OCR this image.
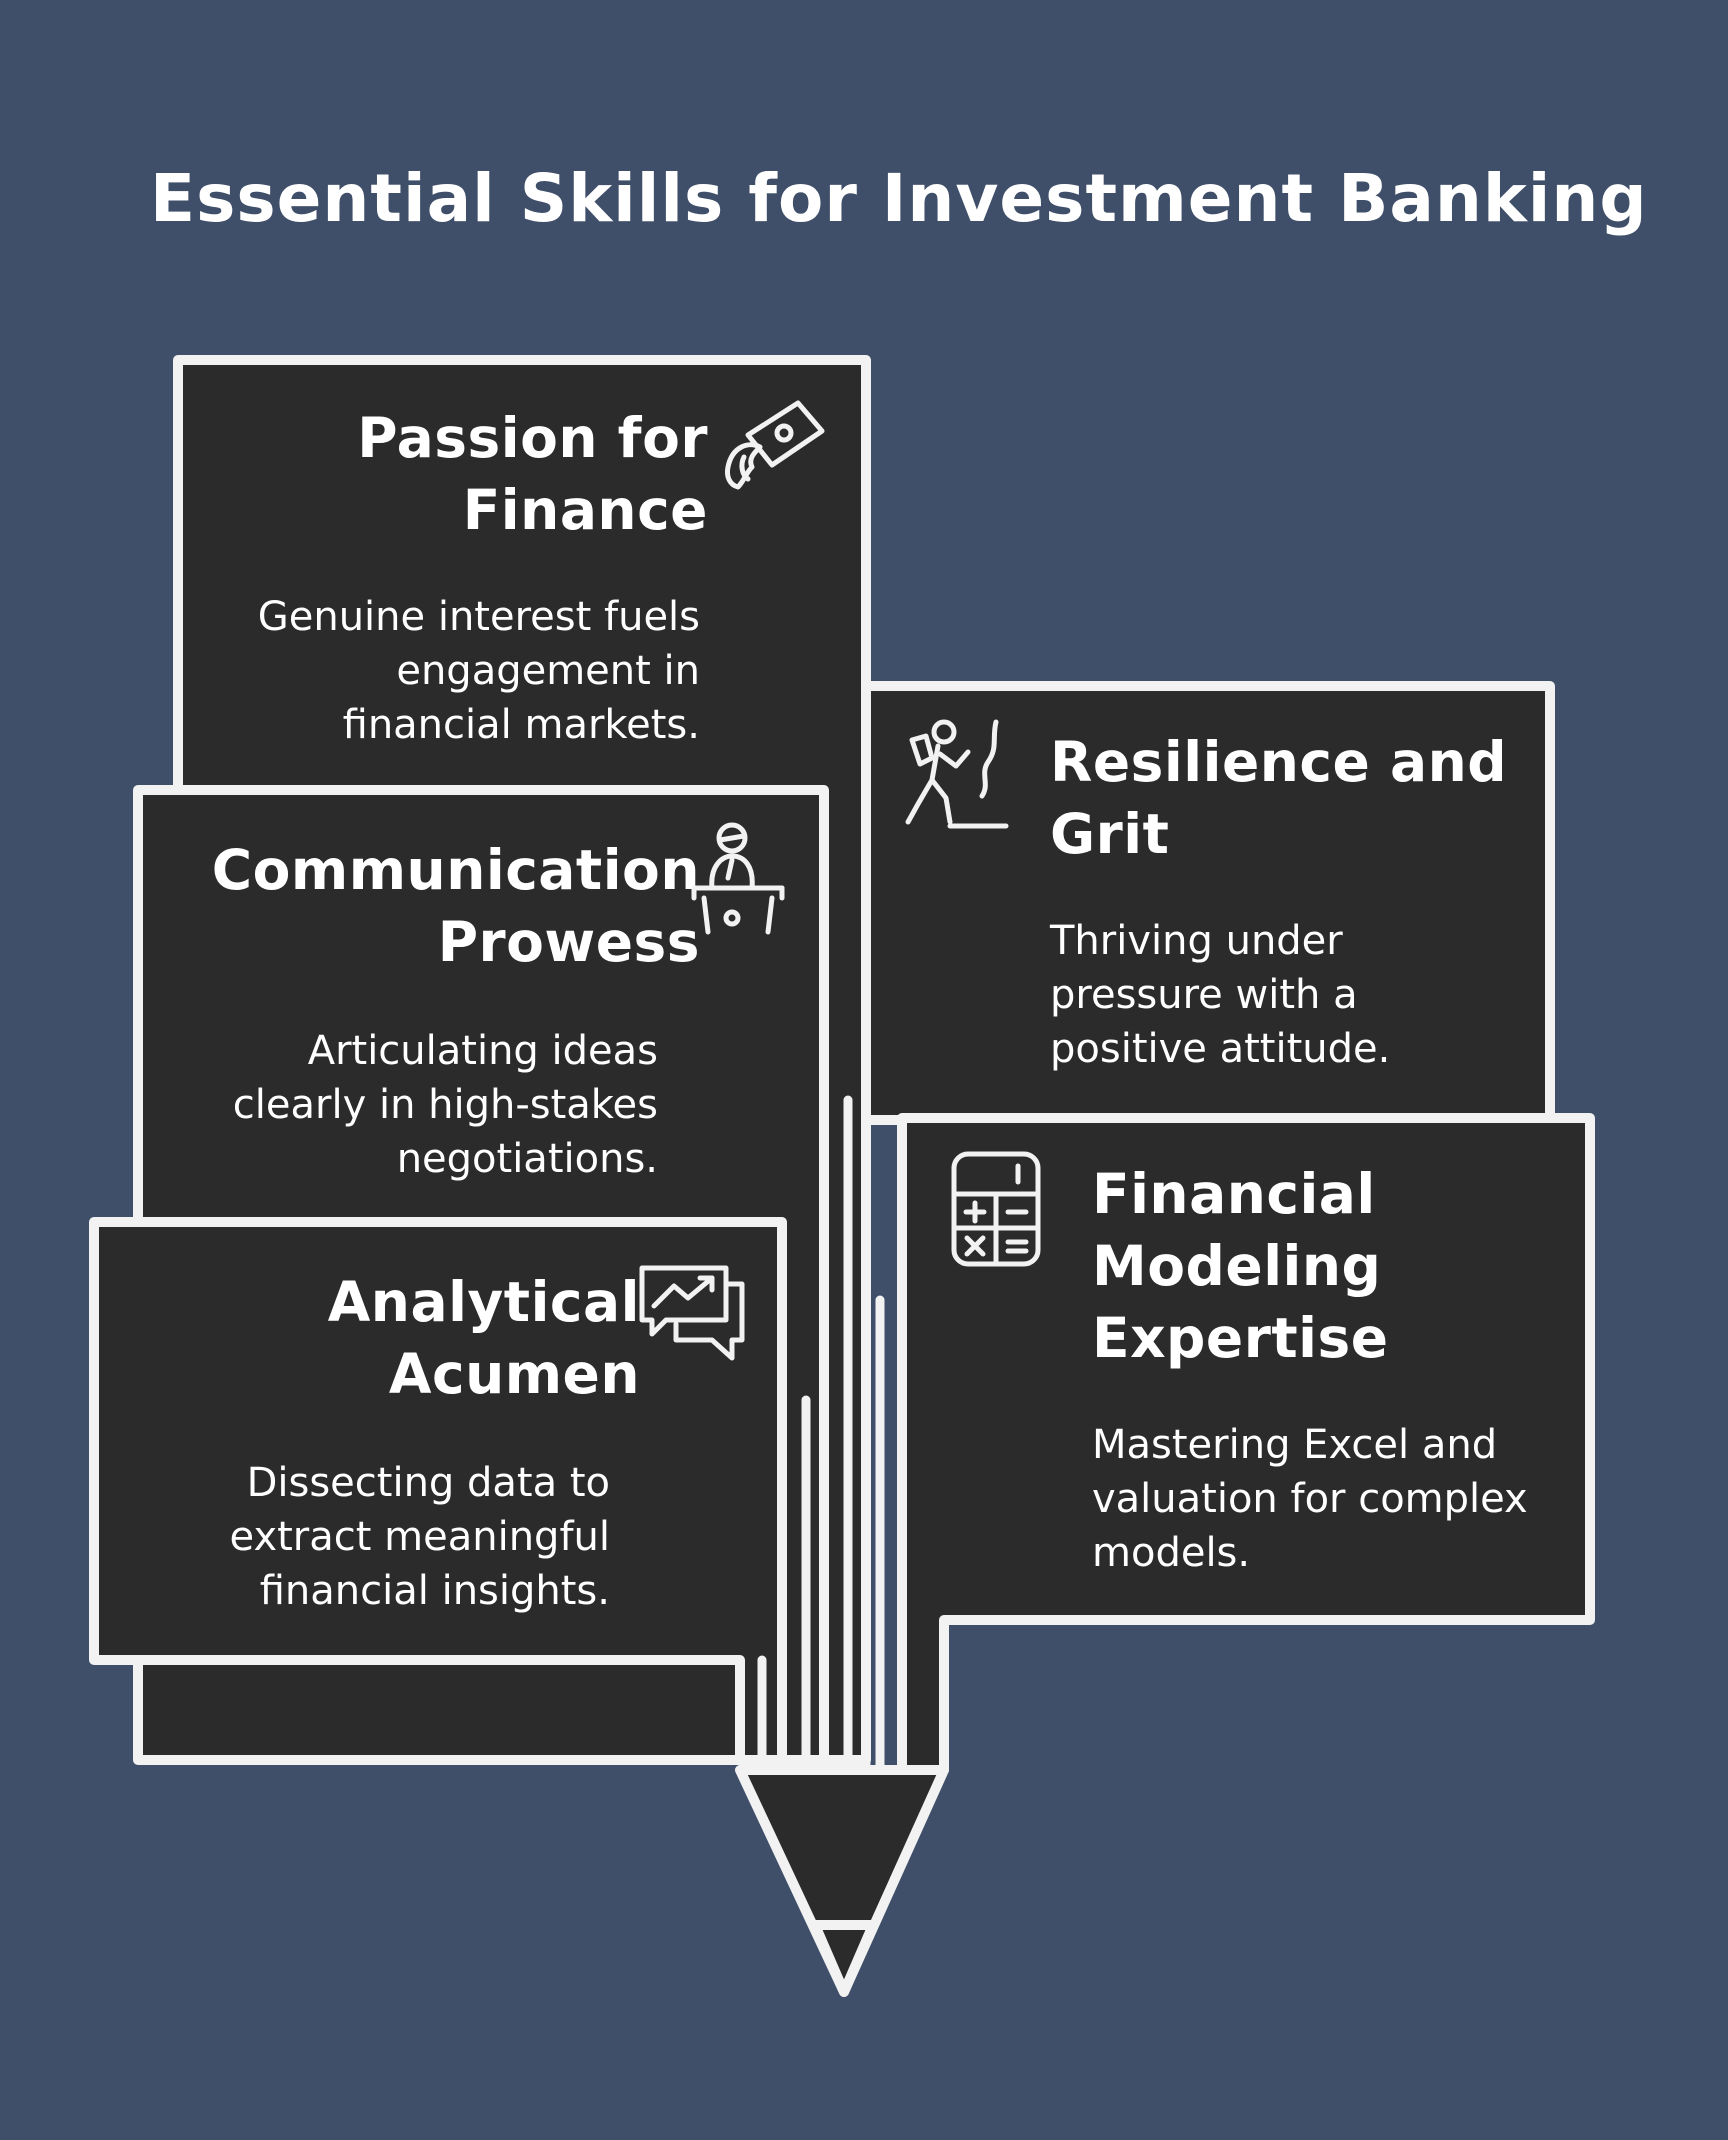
Essential Skills for Investment Banking
Passion for Finance
Genuine interest fuels engagement in financial markets.
Communication Prowess
Articulating ideas clearly in high-stakes negotiations.
Analytical Acumen
Dissecting data to extract meaningful financial insights.
Resilience and Grit
Thriving under pressure with a positive attitude.
Financial Modeling Expertise
Mastering Excel and valuation for complex models.
